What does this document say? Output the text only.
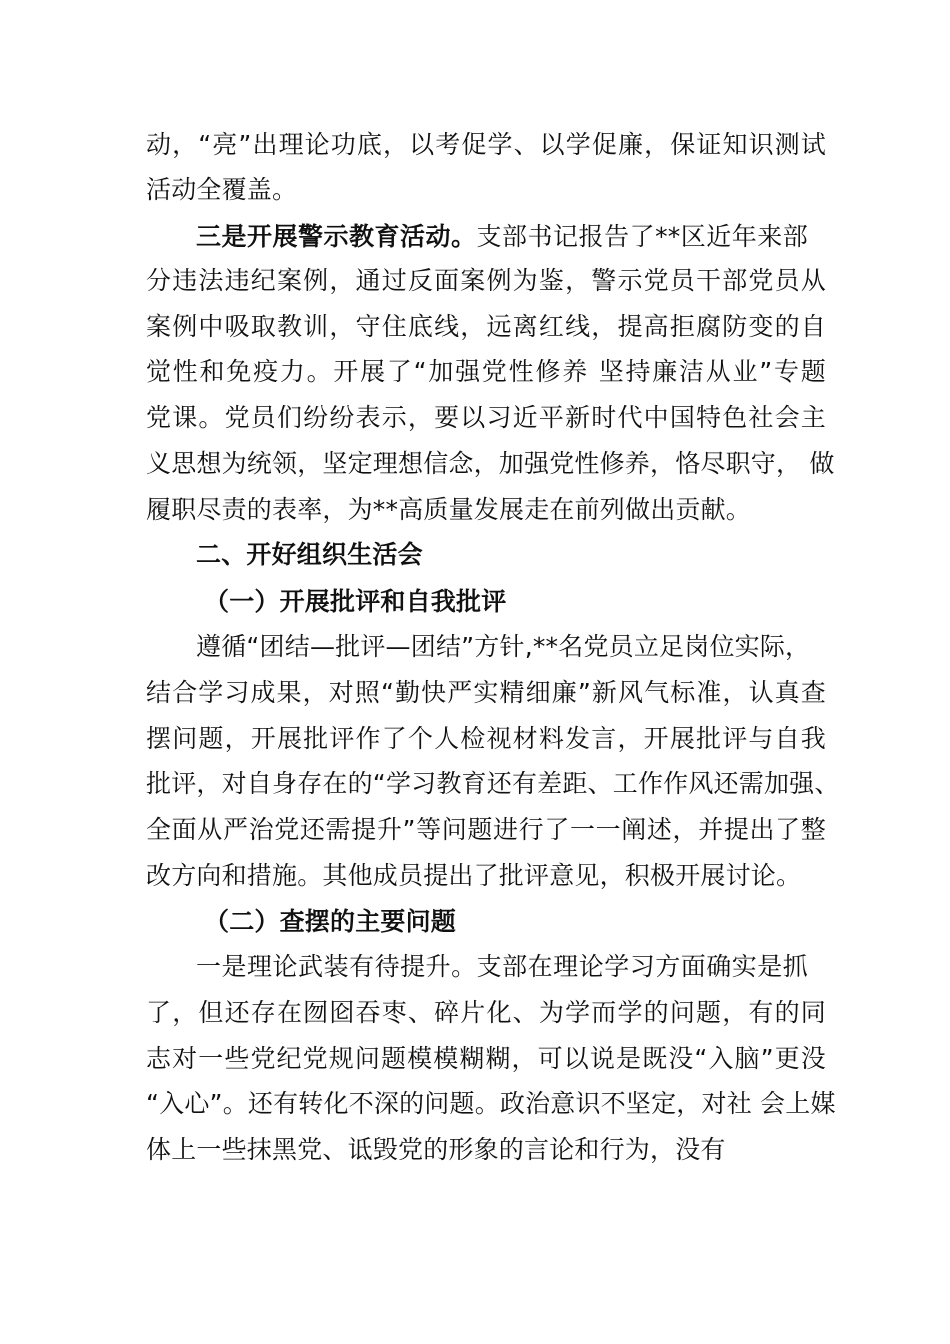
动，“亮”出理论功底，以考促学、以学促廉，保证知识测试
活动全覆盖。
三是开展警示教育活动。支部书记报告了**区近年来部
分违法违纪案例，通过反面案例为鉴，警示党员干部党员从
案例中吸取教训，守住底线，远离红线，提高拒腐防变的自
觉性和免疫力。开展了“加强党性修养 坚持廉洁从业”专题
党课。党员们纷纷表示，要以习近平新时代中国特色社会主
义思想为统领，坚定理想信念，加强党性修养，恪尽职守， 做
履职尽责的表率，为**高质量发展走在前列做出贡献。
二、开好组织生活会
（一）开展批评和自我批评
遵循“团结—批评—团结”方针,**名党员立足岗位实际，
结合学习成果，对照“勤快严实精细廉”新风气标准，认真查
摆问题，开展批评作了个人检视材料发言，开展批评与自我
批评，对自身存在的“学习教育还有差距、工作作风还需加强、
全面从严治党还需提升”等问题进行了一一阐述，并提出了整
改方向和措施。其他成员提出了批评意见，积极开展讨论。
（二）查摆的主要问题
一是理论武装有待提升。支部在理论学习方面确实是抓
了，但还存在囫囵吞枣、碎片化、为学而学的问题，有的同
志对一些党纪党规问题模模糊糊，可以说是既没“入脑”更没
“入心”。还有转化不深的问题。政治意识不坚定，对社 会上媒
体上一些抹黑党、诋毁党的形象的言论和行为，没有
